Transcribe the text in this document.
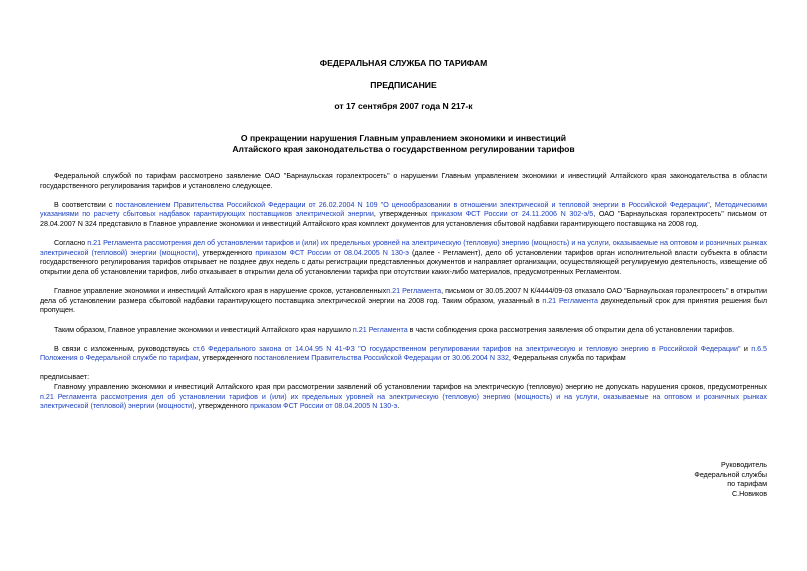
ФЕДЕРАЛЬНАЯ СЛУЖБА ПО ТАРИФАМ
ПРЕДПИСАНИЕ
от 17 сентября 2007 года N 217-к
О прекращении нарушения Главным управлением экономики и инвестиций
Алтайского края законодательства о государственном регулировании тарифов

Федеральной службой по тарифам рассмотрено заявление ОАО "Барнаульская горэлектросеть" о нарушении Главным управлением экономики и инвестиций Алтайского края законодательства в области государственного регулирования тарифов и установлено следующее.

В соответствии с постановлением Правительства Российской Федерации от 26.02.2004 N 109 "О ценообразовании в отношении электрической и тепловой энергии в Российской Федерации", Методическими указаниями по расчету сбытовых надбавок гарантирующих поставщиков электрической энергии, утвержденных приказом ФСТ России от 24.11.2006 N 302-э/5, ОАО "Барнаульская горэлектросеть" письмом от 28.04.2007 N 324 представило в Главное управление экономики и инвестиций Алтайского края комплект документов для установления сбытовой надбавки гарантирующего поставщика на 2008 год.

Согласно п.21 Регламента рассмотрения дел об установлении тарифов и (или) их предельных уровней на электрическую (тепловую) энергию (мощность) и на услуги, оказываемые на оптовом и розничных рынках электрической (тепловой) энергии (мощности), утвержденного приказом ФСТ России от 08.04.2005 N 130-э (далее - Регламент), дело об установлении тарифов орган исполнительной власти субъекта в области государственного регулирования тарифов открывает не позднее двух недель с даты регистрации представленных документов и направляет организации, осуществляющей регулируемую деятельность, извещение об открытии дела об установлении тарифов, либо отказывает в открытии дела об установлении тарифа при отсутствии каких-либо материалов, предусмотренных Регламентом.

Главное управление экономики и инвестиций Алтайского края в нарушение сроков, установленныхп.21 Регламента, письмом от 30.05.2007 N К/4444/09-03 отказало ОАО "Барнаульская горэлектросеть" в открытии дела об установлении размера сбытовой надбавки гарантирующего поставщика электрической энергии на 2008 год. Таким образом, указанный в п.21 Регламента двухнедельный срок для принятия решения был пропущен.

Таким образом, Главное управление экономики и инвестиций Алтайского края нарушило п.21 Регламента в части соблюдения срока рассмотрения заявления об открытии дела об установлении тарифов.

В связи с изложенным, руководствуясь ст.6 Федерального закона от 14.04.95 N 41-ФЗ "О государственном регулировании тарифов на электрическую и тепловую энергию в Российской Федерации" и п.6.5 Положения о Федеральной службе по тарифам, утвержденного постановлением Правительства Российской Федерации от 30.06.2004 N 332, Федеральная служба по тарифам

предписывает:

Главному управлению экономики и инвестиций Алтайского края при рассмотрении заявлений об установлении тарифов на электрическую (тепловую) энергию не допускать нарушения сроков, предусмотренных п.21 Регламента рассмотрения дел об установлении тарифов и (или) их предельных уровней на электрическую (тепловую) энергию (мощность) и на услуги, оказываемые на оптовом и розничных рынках электрической (тепловой) энергии (мощности), утвержденного приказом ФСТ России от 08.04.2005 N 130-э.

Руководитель
Федеральной службы
по тарифам
С.Новиков
